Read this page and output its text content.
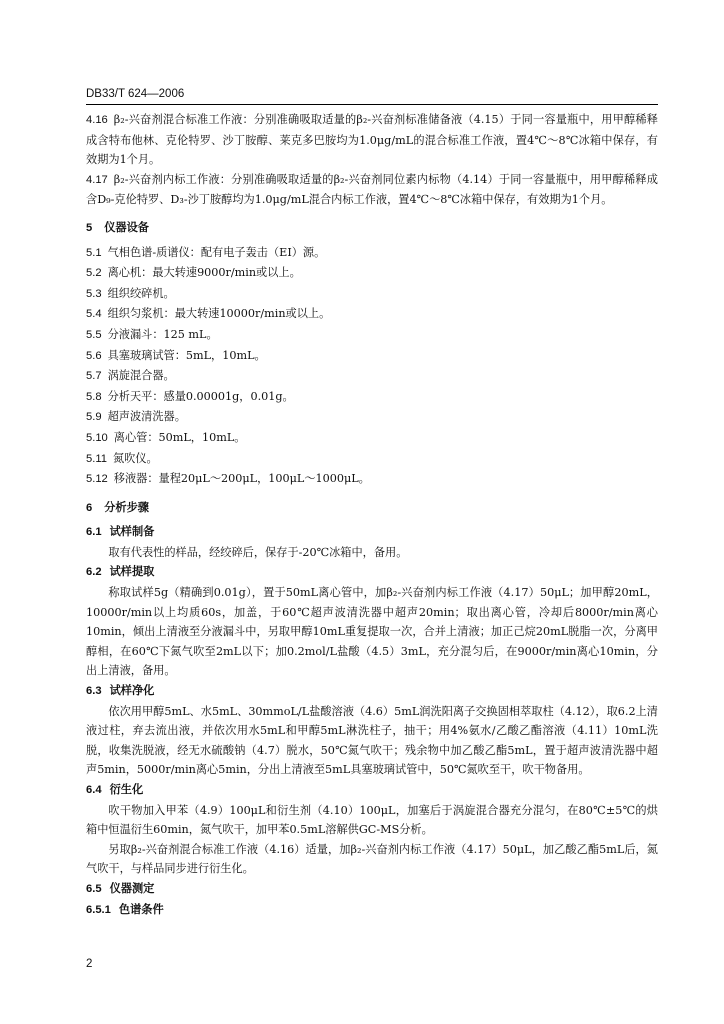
DB33/T 624—2006

4.16 β₂-兴奋剂混合标准工作液：分别准确吸取适量的β₂-兴奋剂标准储备液（4.15）于同一容量瓶中，用甲醇稀释成含特布他林、克伦特罗、沙丁胺醇、莱克多巴胺均为1.0μg/mL的混合标准工作液，置4℃～8℃冰箱中保存，有效期为1个月。

4.17 β₂-兴奋剂内标工作液：分别准确吸取适量的β₂-兴奋剂同位素内标物（4.14）于同一容量瓶中，用甲醇稀释成含D₉-克伦特罗、D₃-沙丁胺醇均为1.0μg/mL混合内标工作液，置4℃～8℃冰箱中保存，有效期为1个月。

5 仪器设备

5.1 气相色谱-质谱仪：配有电子轰击（EI）源。

5.2 离心机：最大转速9000r/min或以上。

5.3 组织绞碎机。

5.4 组织匀浆机：最大转速10000r/min或以上。

5.5 分液漏斗：125 mL。

5.6 具塞玻璃试管：5mL，10mL。

5.7 涡旋混合器。

5.8 分析天平：感量0.00001g，0.01g。

5.9 超声波清洗器。

5.10 离心管：50mL，10mL。

5.11 氮吹仪。

5.12 移液器：量程20μL～200μL，100μL～1000μL。

6 分析步骤

6.1 试样制备

取有代表性的样品，经绞碎后，保存于-20℃冰箱中，备用。

6.2 试样提取

称取试样5g（精确到0.01g），置于50mL离心管中，加β₂-兴奋剂内标工作液（4.17）50μL；加甲醇20mL，10000r/min以上均质60s，加盖，于60℃超声波清洗器中超声20min；取出离心管，冷却后8000r/min离心10min，倾出上清液至分液漏斗中，另取甲醇10mL重复提取一次，合并上清液；加正己烷20mL脱脂一次，分离甲醇相，在60℃下氮气吹至2mL以下；加0.2mol/L盐酸（4.5）3mL，充分混匀后，在9000r/min离心10min，分出上清液，备用。

6.3 试样净化

依次用甲醇5mL、水5mL、30mmoL/L盐酸溶液（4.6）5mL润洗阳离子交换固相萃取柱（4.12），取6.2上清液过柱，弃去流出液，并依次用水5mL和甲醇5mL淋洗柱子，抽干；用4%氨水/乙酸乙酯溶液（4.11）10mL洗脱，收集洗脱液，经无水硫酸钠（4.7）脱水，50℃氮气吹干；残余物中加乙酸乙酯5mL，置于超声波清洗器中超声5min，5000r/min离心5min，分出上清液至5mL具塞玻璃试管中，50℃氮吹至干，吹干物备用。

6.4 衍生化

吹干物加入甲苯（4.9）100μL和衍生剂（4.10）100μL，加塞后于涡旋混合器充分混匀，在80℃±5℃的烘箱中恒温衍生60min，氮气吹干，加甲苯0.5mL溶解供GC-MS分析。

另取β₂-兴奋剂混合标准工作液（4.16）适量，加β₂-兴奋剂内标工作液（4.17）50μL，加乙酸乙酯5mL后，氮气吹干，与样品同步进行衍生化。

6.5 仪器测定

6.5.1 色谱条件

2
